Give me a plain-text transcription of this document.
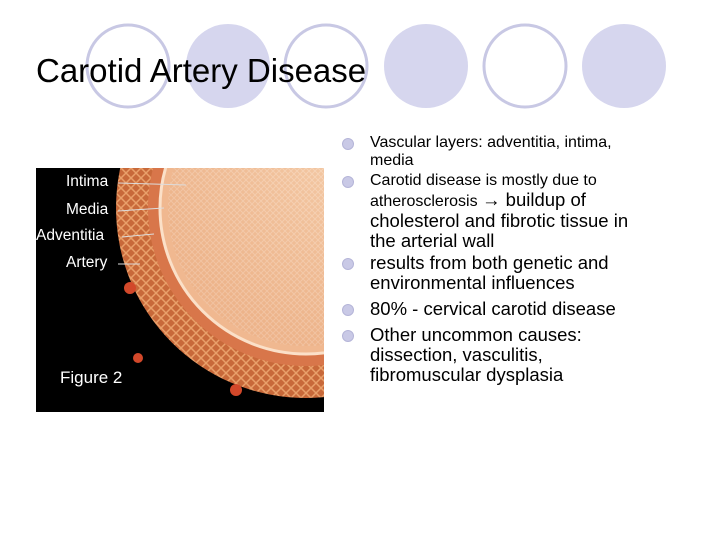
Carotid Artery Disease
Intima
Media
Adventitia
Artery
Figure 2
Vascular layers: adventitia, intima,
media
Carotid disease is mostly due to
atherosclerosis → buildup of
cholesterol and fibrotic tissue in
the arterial wall
results from both genetic and
environmental influences
80% - cervical carotid disease
Other uncommon causes:
dissection, vasculitis,
fibromuscular dysplasia
